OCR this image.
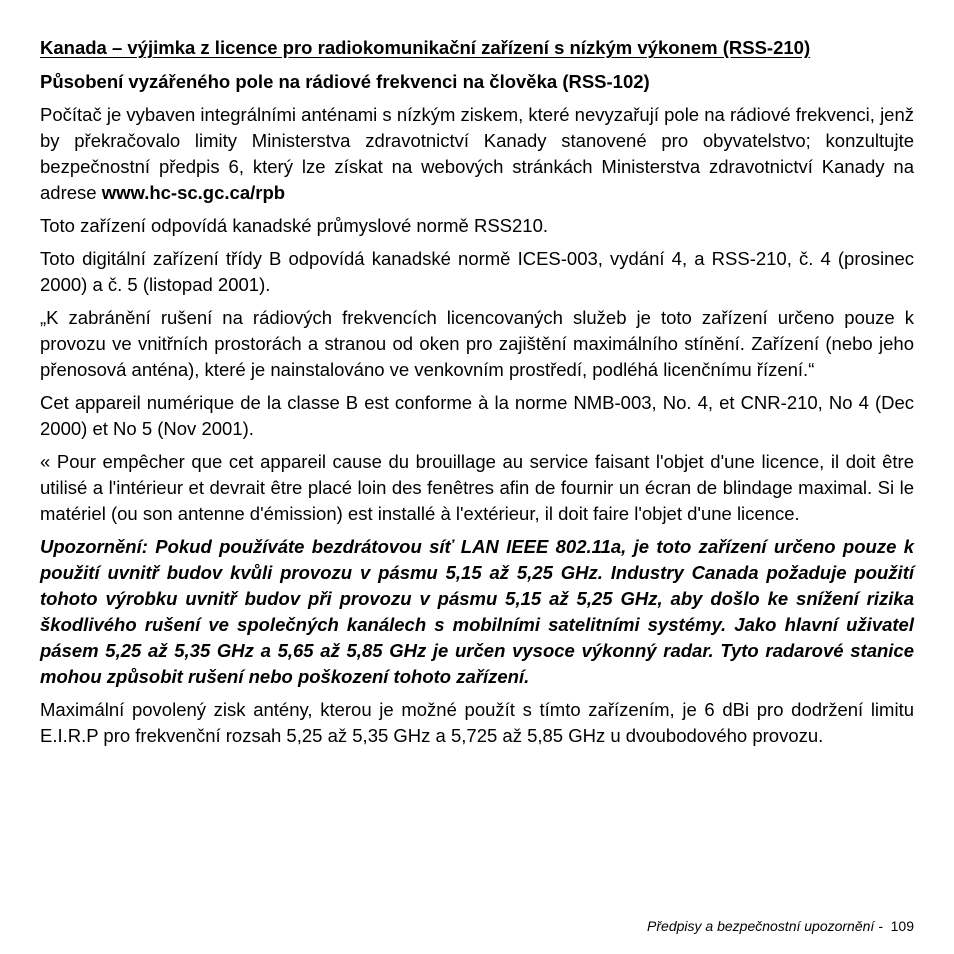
Kanada – výjimka z licence pro radiokomunikační zařízení s nízkým výkonem (RSS-210)
Působení vyzářeného pole na rádiové frekvenci na člověka (RSS-102)

Počítač je vybaven integrálními anténami s nízkým ziskem, které nevyzařují pole na rádiové frekvenci, jenž by překračovalo limity Ministerstva zdravotnictví Kanady stanovené pro obyvatelstvo; konzultujte bezpečnostní předpis 6, který lze získat na webových stránkách Ministerstva zdravotnictví Kanady na adrese www.hc-sc.gc.ca/rpb

Toto zařízení odpovídá kanadské průmyslové normě RSS210.

Toto digitální zařízení třídy B odpovídá kanadské normě ICES-003, vydání 4, a RSS-210, č. 4 (prosinec 2000) a č. 5 (listopad 2001).

„K zabránění rušení na rádiových frekvencích licencovaných služeb je toto zařízení určeno pouze k provozu ve vnitřních prostorách a stranou od oken pro zajištění maximálního stínění. Zařízení (nebo jeho přenosová anténa), které je nainstalováno ve venkovním prostředí, podléhá licenčnímu řízení.“

Cet appareil numérique de la classe B est conforme à la norme NMB-003, No. 4, et CNR-210, No 4 (Dec 2000) et No 5 (Nov 2001).

« Pour empêcher que cet appareil cause du brouillage au service faisant l'objet d'une licence, il doit être utilisé a l'intérieur et devrait être placé loin des fenêtres afin de fournir un écran de blindage maximal. Si le matériel (ou son antenne d'émission) est installé à l'extérieur, il doit faire l'objet d'une licence.

Upozornění: Pokud používáte bezdrátovou síť LAN IEEE 802.11a, je toto zařízení určeno pouze k použití uvnitř budov kvůli provozu v pásmu 5,15 až 5,25 GHz. Industry Canada požaduje použití tohoto výrobku uvnitř budov při provozu v pásmu 5,15 až 5,25 GHz, aby došlo ke snížení rizika škodlivého rušení ve společných kanálech s mobilními satelitními systémy. Jako hlavní uživatel pásem 5,25 až 5,35 GHz a 5,65 až 5,85 GHz je určen vysoce výkonný radar. Tyto radarové stanice mohou způsobit rušení nebo poškození tohoto zařízení.

Maximální povolený zisk antény, kterou je možné použít s tímto zařízením, je 6 dBi pro dodržení limitu E.I.R.P pro frekvenční rozsah 5,25 až 5,35 GHz a 5,725 až 5,85 GHz u dvoubodového provozu.

Předpisy a bezpečnostní upozornění - 109
